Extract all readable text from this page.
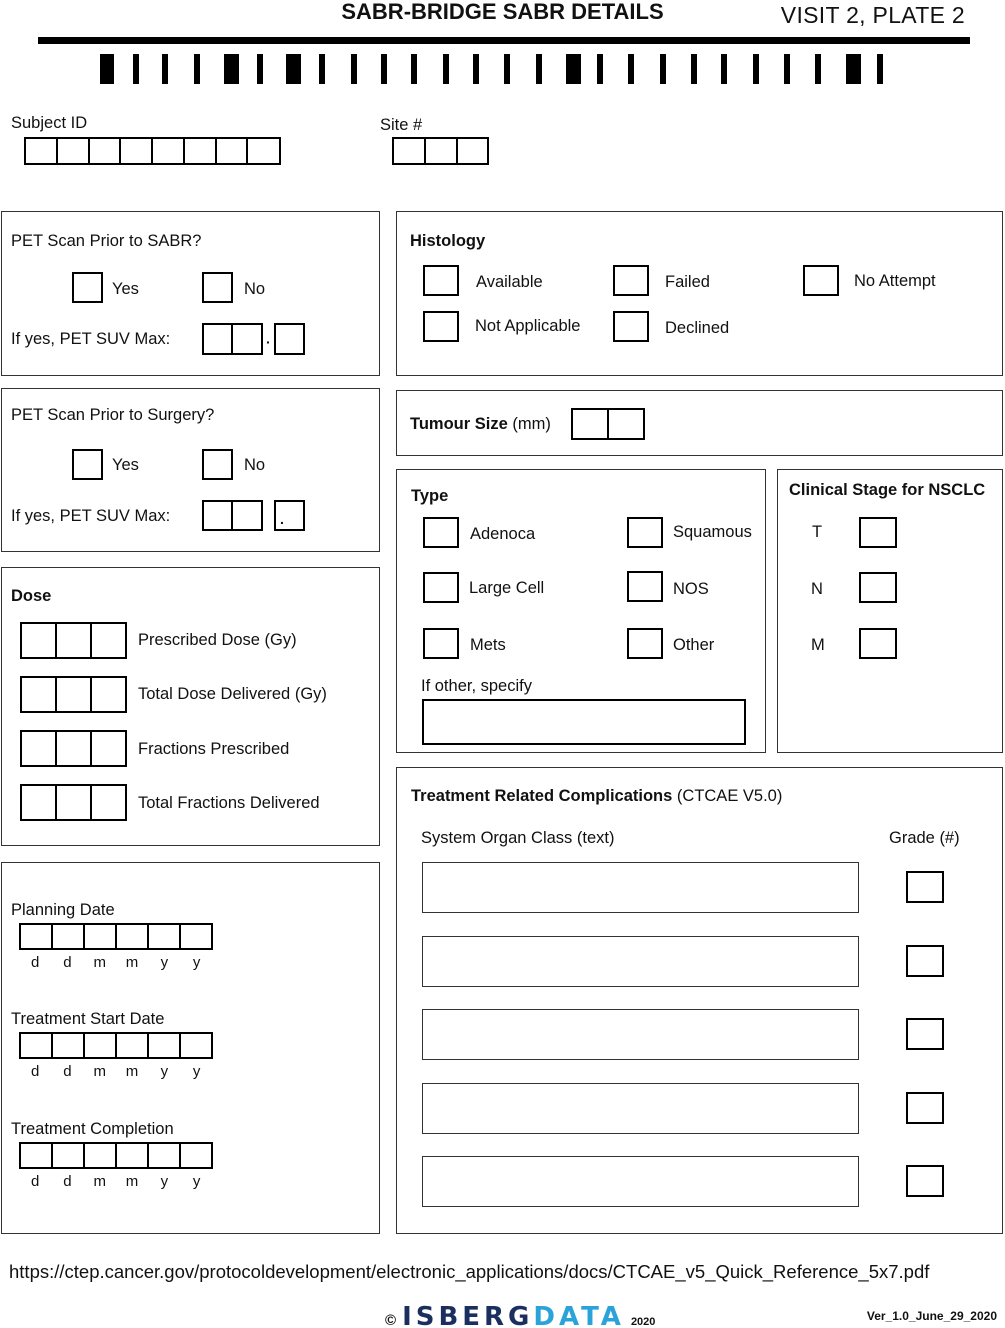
SABR-BRIDGE SABR DETAILS	VISIT 2, PLATE 2
Subject ID	Site #
PET Scan Prior to SABR?
Yes	No
If yes, PET SUV Max:	·
PET Scan Prior to Surgery?
Yes	No
If yes, PET SUV Max:	.
Dose
Prescribed Dose (Gy)
Total Dose Delivered (Gy)
Fractions Prescribed
Total Fractions Delivered
Planning Date
d	d	m	m	y	y
Treatment Start Date
d	d	m	m	y	y
Treatment Completion
d	d	m	m	y	y
Histology
Available	Failed	No Attempt
Not Applicable	Declined
Tumour Size (mm)
Type
Adenoca	Squamous
Large Cell	NOS
Mets	Other
If other, specify
Clinical Stage for NSCLC
T
N
M
Treatment Related Complications (CTCAE V5.0)
System Organ Class (text)	Grade (#)
https://ctep.cancer.gov/protocoldevelopment/electronic_applications/docs/CTCAE_v5_Quick_Reference_5x7.pdf
© ISBERGDATA 2020	Ver_1.0_June_29_2020
